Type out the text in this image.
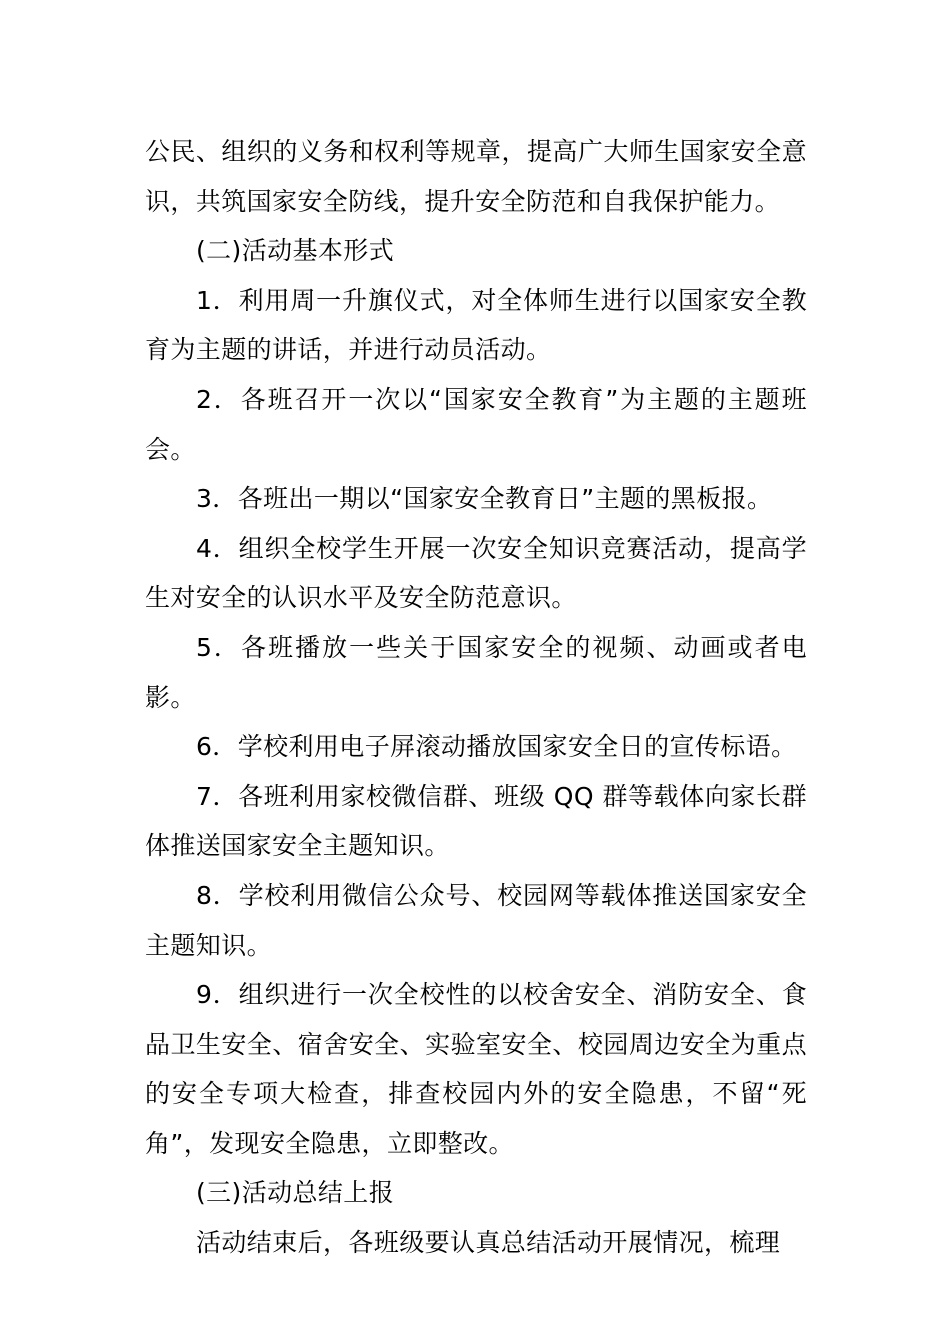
公民、组织的义务和权利等规章，提高广大师生国家安全意识，共筑国家安全防线，提升安全防范和自我保护能力。

(二)活动基本形式

1．利用周一升旗仪式，对全体师生进行以国家安全教育为主题的讲话，并进行动员活动。

2．各班召开一次以“国家安全教育”为主题的主题班会。

3．各班出一期以“国家安全教育日”主题的黑板报。

4．组织全校学生开展一次安全知识竞赛活动，提高学生对安全的认识水平及安全防范意识。

5．各班播放一些关于国家安全的视频、动画或者电影。

6．学校利用电子屏滚动播放国家安全日的宣传标语。

7．各班利用家校微信群、班级 QQ 群等载体向家长群体推送国家安全主题知识。

8．学校利用微信公众号、校园网等载体推送国家安全主题知识。

9．组织进行一次全校性的以校舍安全、消防安全、食品卫生安全、宿舍安全、实验室安全、校园周边安全为重点的安全专项大检查，排查校园内外的安全隐患，不留“死角”，发现安全隐患，立即整改。

(三)活动总结上报

活动结束后，各班级要认真总结活动开展情况，梳理
